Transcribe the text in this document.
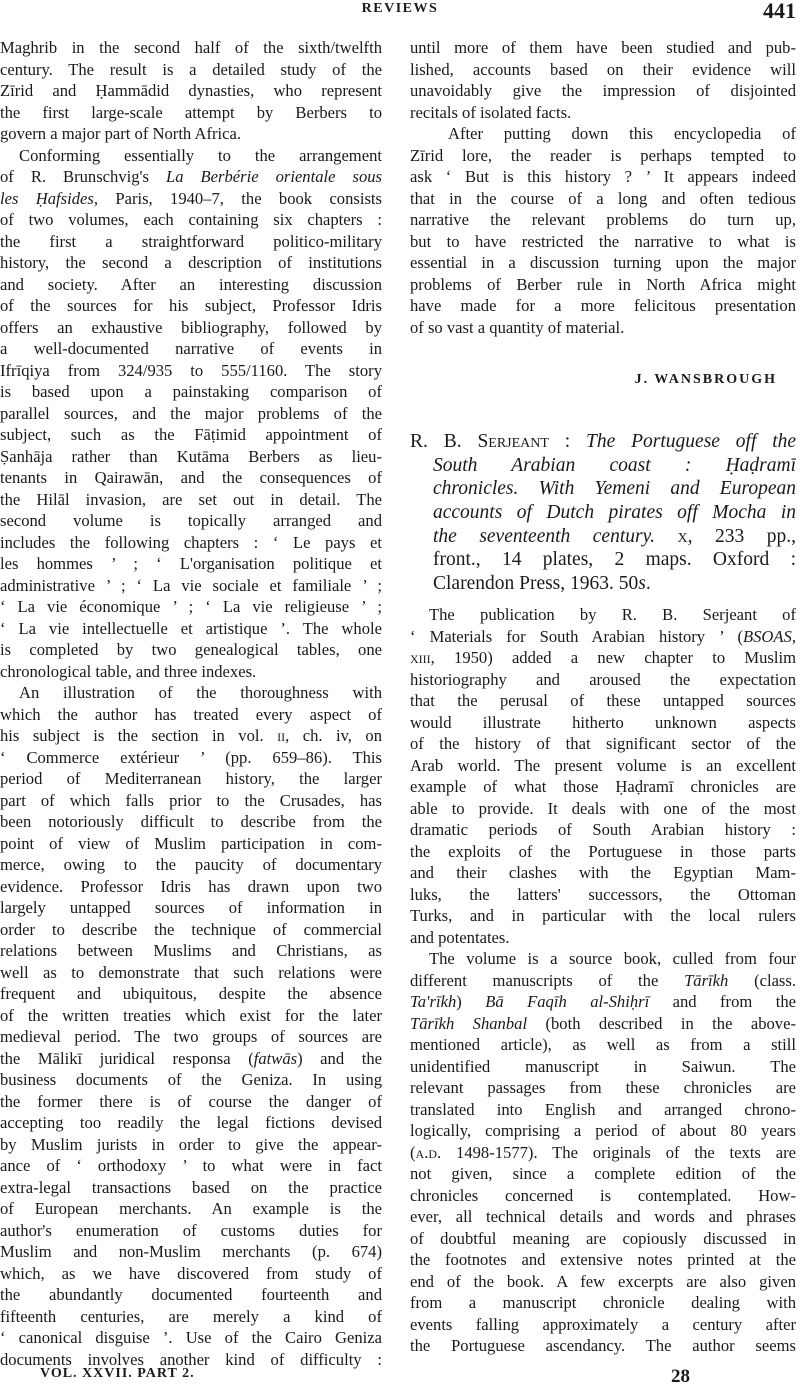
REVIEWS	441
Maghrib in the second half of the sixth/twelfth
century. The result is a detailed study of the
Zīrid and Ḥammādid dynasties, who represent
the first large-scale attempt by Berbers to
govern a major part of North Africa.
Conforming essentially to the arrangement
of R. Brunschvig's La Berbérie orientale sous
les Ḥafsides, Paris, 1940–7, the book consists
of two volumes, each containing six chapters :
the first a straightforward politico-military
history, the second a description of institutions
and society. After an interesting discussion
of the sources for his subject, Professor Idris
offers an exhaustive bibliography, followed by
a well-documented narrative of events in
Ifrīqiya from 324/935 to 555/1160. The story
is based upon a painstaking comparison of
parallel sources, and the major problems of the
subject, such as the Fāṭimid appointment of
Ṣanhāja rather than Kutāma Berbers as lieu-
tenants in Qairawān, and the consequences of
the Hilāl invasion, are set out in detail. The
second volume is topically arranged and
includes the following chapters : ‘ Le pays et
les hommes ’ ; ‘ L'organisation politique et
administrative ’ ; ‘ La vie sociale et familiale ’ ;
‘ La vie économique ’ ; ‘ La vie religieuse ’ ;
‘ La vie intellectuelle et artistique ’. The whole
is completed by two genealogical tables, one
chronological table, and three indexes.
An illustration of the thoroughness with
which the author has treated every aspect of
his subject is the section in vol. ii, ch. iv, on
‘ Commerce extérieur ’ (pp. 659–86). This
period of Mediterranean history, the larger
part of which falls prior to the Crusades, has
been notoriously difficult to describe from the
point of view of Muslim participation in com-
merce, owing to the paucity of documentary
evidence. Professor Idris has drawn upon two
largely untapped sources of information in
order to describe the technique of commercial
relations between Muslims and Christians, as
well as to demonstrate that such relations were
frequent and ubiquitous, despite the absence
of the written treaties which exist for the later
medieval period. The two groups of sources are
the Mālikī juridical responsa (fatwās) and the
business documents of the Geniza. In using
the former there is of course the danger of
accepting too readily the legal fictions devised
by Muslim jurists in order to give the appear-
ance of ‘ orthodoxy ’ to what were in fact
extra-legal transactions based on the practice
of European merchants. An example is the
author's enumeration of customs duties for
Muslim and non-Muslim merchants (p. 674)
which, as we have discovered from study of
the abundantly documented fourteenth and
fifteenth centuries, are merely a kind of
‘ canonical disguise ’. Use of the Cairo Geniza
documents involves another kind of difficulty :
until more of them have been studied and pub-
lished, accounts based on their evidence will
unavoidably give the impression of disjointed
recitals of isolated facts.
After putting down this encyclopedia of
Zīrid lore, the reader is perhaps tempted to
ask ‘ But is this history ? ’ It appears indeed
that in the course of a long and often tedious
narrative the relevant problems do turn up,
but to have restricted the narrative to what is
essential in a discussion turning upon the major
problems of Berber rule in North Africa might
have made for a more felicitous presentation
of so vast a quantity of material.
J. WANSBROUGH
R. B. Serjeant : The Portuguese off the
South Arabian coast : Ḥaḍramī
chronicles. With Yemeni and European
accounts of Dutch pirates off Mocha in
the seventeenth century. x, 233 pp.,
front., 14 plates, 2 maps. Oxford :
Clarendon Press, 1963. 50s.
The publication by R. B. Serjeant of
‘ Materials for South Arabian history ’ (BSOAS,
xiii, 1950) added a new chapter to Muslim
historiography and aroused the expectation
that the perusal of these untapped sources
would illustrate hitherto unknown aspects
of the history of that significant sector of the
Arab world. The present volume is an excellent
example of what those Ḥaḍramī chronicles are
able to provide. It deals with one of the most
dramatic periods of South Arabian history :
the exploits of the Portuguese in those parts
and their clashes with the Egyptian Mam-
luks, the latters' successors, the Ottoman
Turks, and in particular with the local rulers
and potentates.
The volume is a source book, culled from four
different manuscripts of the Tārīkh (class.
Ta'rīkh) Bā Faqīh al-Shiḥrī and from the
Tārīkh Shanbal (both described in the above-
mentioned article), as well as from a still
unidentified manuscript in Saiwun. The
relevant passages from these chronicles are
translated into English and arranged chrono-
logically, comprising a period of about 80 years
(a.d. 1498-1577). The originals of the texts are
not given, since a complete edition of the
chronicles concerned is contemplated. How-
ever, all technical details and words and phrases
of doubtful meaning are copiously discussed in
the footnotes and extensive notes printed at the
end of the book. A few excerpts are also given
from a manuscript chronicle dealing with
events falling approximately a century after
the Portuguese ascendancy. The author seems
VOL. XXVII. PART 2.	28
